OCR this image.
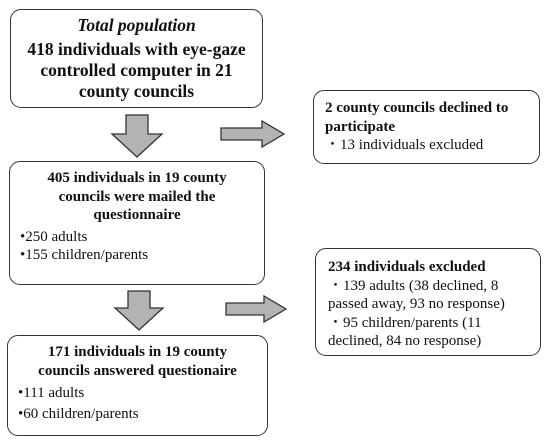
Total population
418 individuals with eye-gaze
controlled computer in 21
county councils
405 individuals in 19 county
councils were mailed the
questionnaire
•250 adults
•155 children/parents
171 individuals in 19 county
councils answered questionaire
•111 adults
•60 children/parents
2 county councils declined to
participate
・13 individuals excluded
234 individuals excluded
・139 adults (38 declined, 8
passed away, 93 no response)
・95 children/parents (11
declined, 84 no response)
